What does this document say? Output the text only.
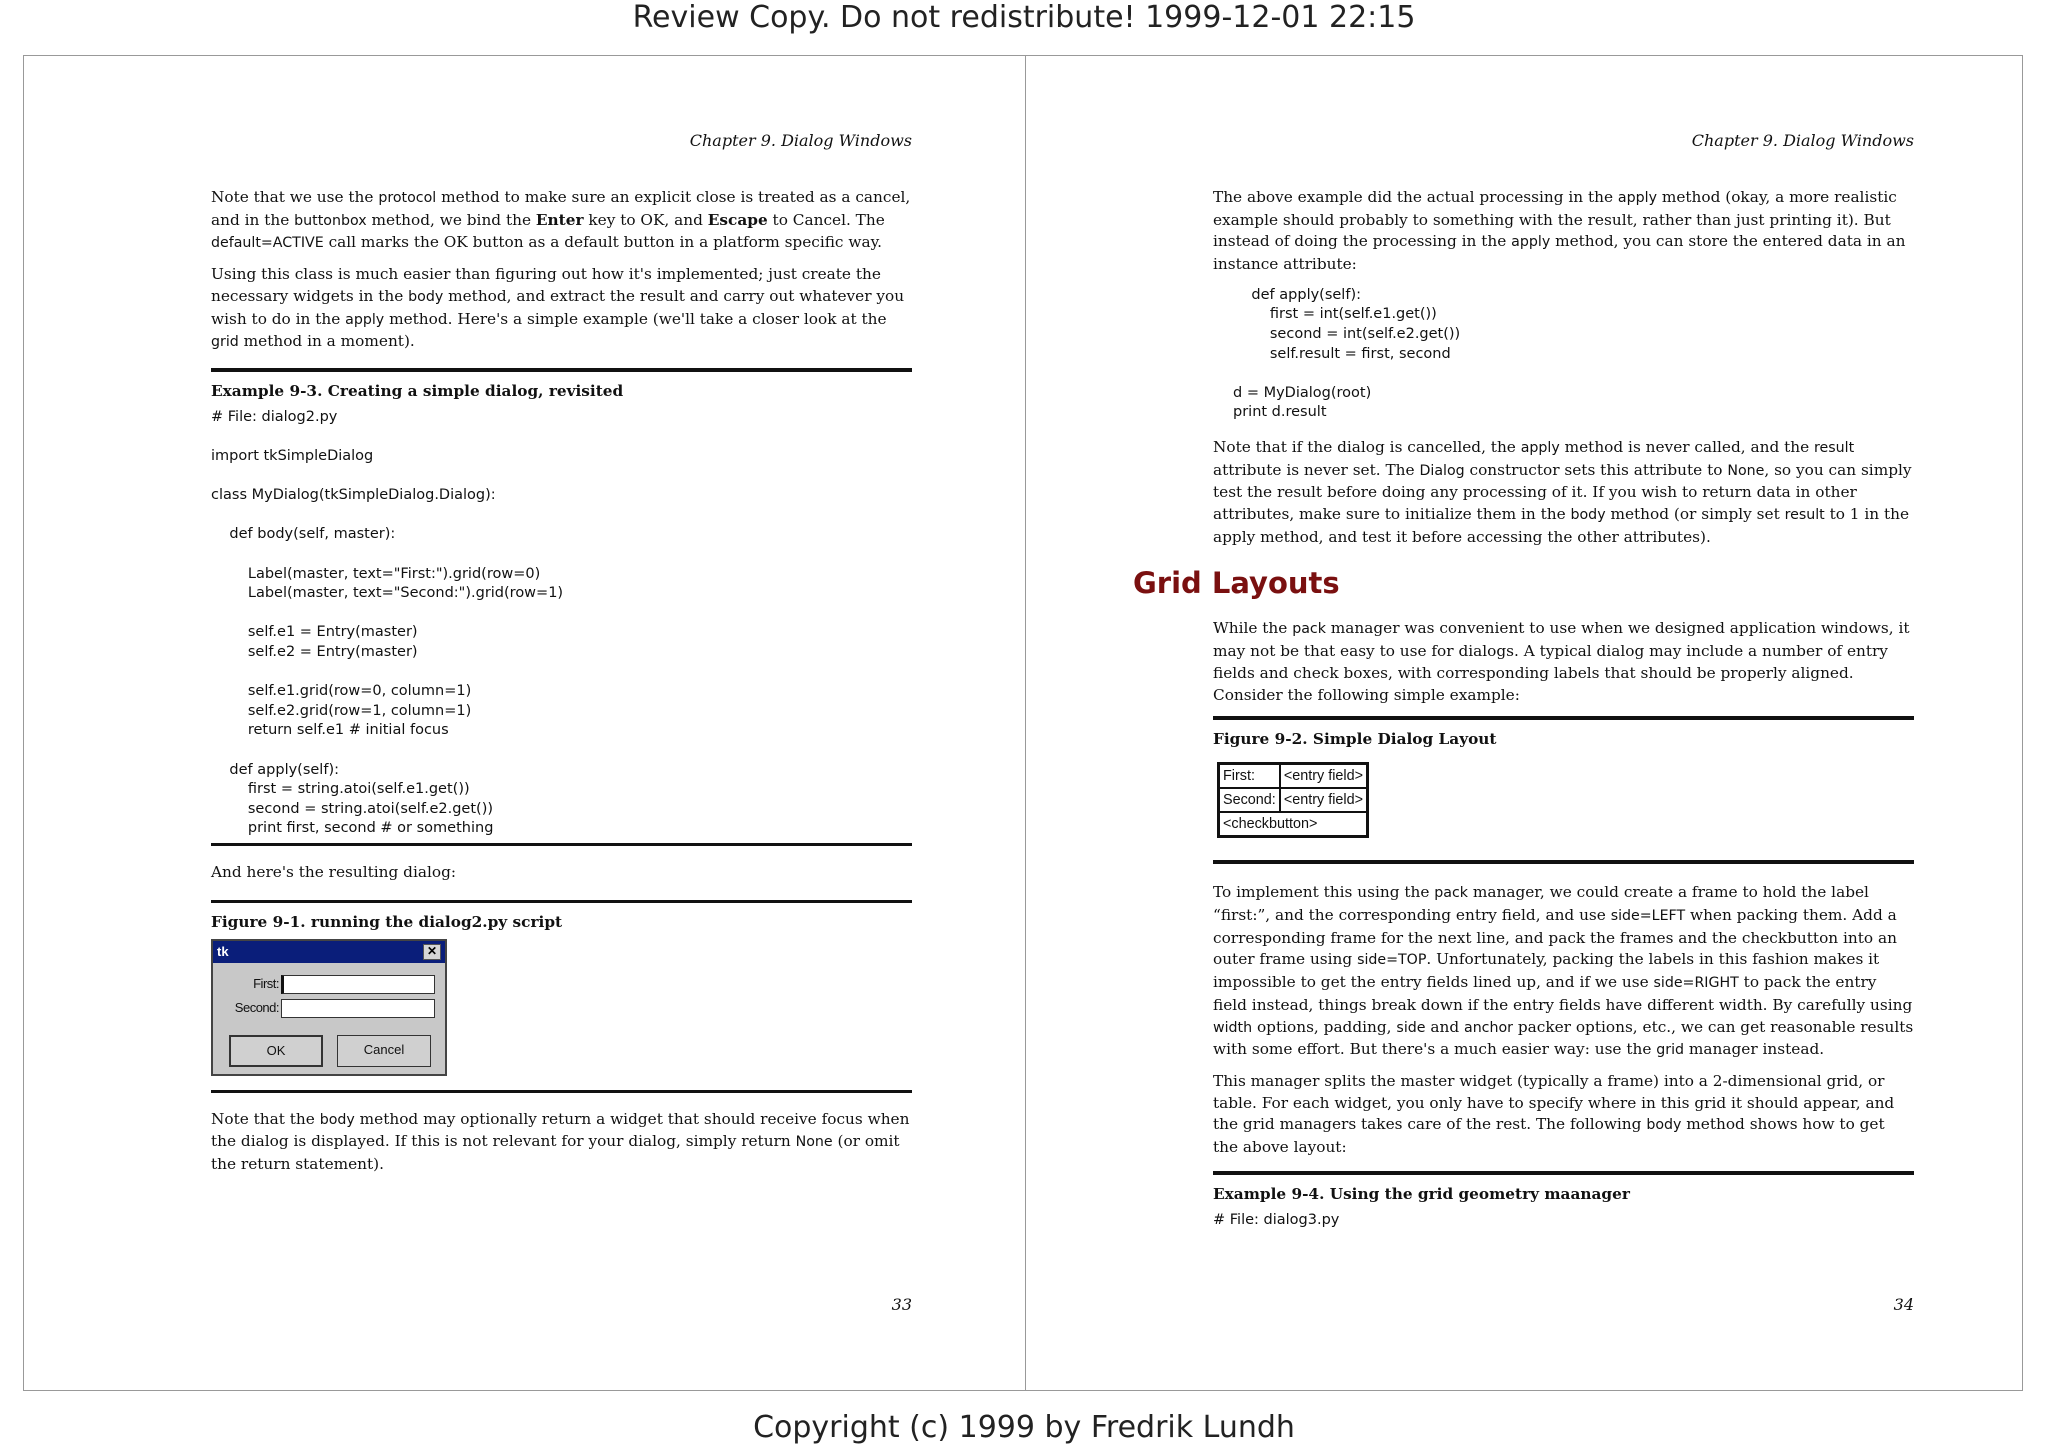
Review Copy. Do not redistribute! 1999-12-01 22:15
Chapter 9. Dialog Windows

Note that we use the protocol method to make sure an explicit close is treated as a cancel, and in the buttonbox method, we bind the Enter key to OK, and Escape to Cancel. The default=ACTIVE call marks the OK button as a default button in a platform specific way.

Using this class is much easier than figuring out how it's implemented; just create the necessary widgets in the body method, and extract the result and carry out whatever you wish to do in the apply method. Here's a simple example (we'll take a closer look at the grid method in a moment).

Example 9-3. Creating a simple dialog, revisited
# File: dialog2.py

import tkSimpleDialog

class MyDialog(tkSimpleDialog.Dialog):

def body(self, master):

Label(master, text="First:").grid(row=0)
Label(master, text="Second:").grid(row=1)

self.e1 = Entry(master)
self.e2 = Entry(master)

self.e1.grid(row=0, column=1)
self.e2.grid(row=1, column=1)
return self.e1 # initial focus

def apply(self):
first = string.atoi(self.e1.get())
second = string.atoi(self.e2.get())
print first, second # or something

And here's the resulting dialog:

Figure 9-1. running the dialog2.py script
tk	✕
First:
Second:
OK	Cancel

Note that the body method may optionally return a widget that should receive focus when the dialog is displayed. If this is not relevant for your dialog, simply return None (or omit the return statement).

33
Chapter 9. Dialog Windows

The above example did the actual processing in the apply method (okay, a more realistic example should probably to something with the result, rather than just printing it). But instead of doing the processing in the apply method, you can store the entered data in an instance attribute:

def apply(self):
first = int(self.e1.get())
second = int(self.e2.get())
self.result = first, second

d = MyDialog(root)
print d.result

Note that if the dialog is cancelled, the apply method is never called, and the result attribute is never set. The Dialog constructor sets this attribute to None, so you can simply test the result before doing any processing of it. If you wish to return data in other attributes, make sure to initialize them in the body method (or simply set result to 1 in the apply method, and test it before accessing the other attributes).

Grid Layouts

While the pack manager was convenient to use when we designed application windows, it may not be that easy to use for dialogs. A typical dialog may include a number of entry fields and check boxes, with corresponding labels that should be properly aligned. Consider the following simple example:

Figure 9-2. Simple Dialog Layout
First:	<entry field>
Second:	<entry field>
<checkbutton>	

To implement this using the pack manager, we could create a frame to hold the label “first:”, and the corresponding entry field, and use side=LEFT when packing them. Add a corresponding frame for the next line, and pack the frames and the checkbutton into an outer frame using side=TOP. Unfortunately, packing the labels in this fashion makes it impossible to get the entry fields lined up, and if we use side=RIGHT to pack the entry field instead, things break down if the entry fields have different width. By carefully using width options, padding, side and anchor packer options, etc., we can get reasonable results with some effort. But there's a much easier way: use the grid manager instead.

This manager splits the master widget (typically a frame) into a 2-dimensional grid, or table. For each widget, you only have to specify where in this grid it should appear, and the grid managers takes care of the rest. The following body method shows how to get the above layout:

Example 9-4. Using the grid geometry maanager
# File: dialog3.py
34
Copyright (c) 1999 by Fredrik Lundh
